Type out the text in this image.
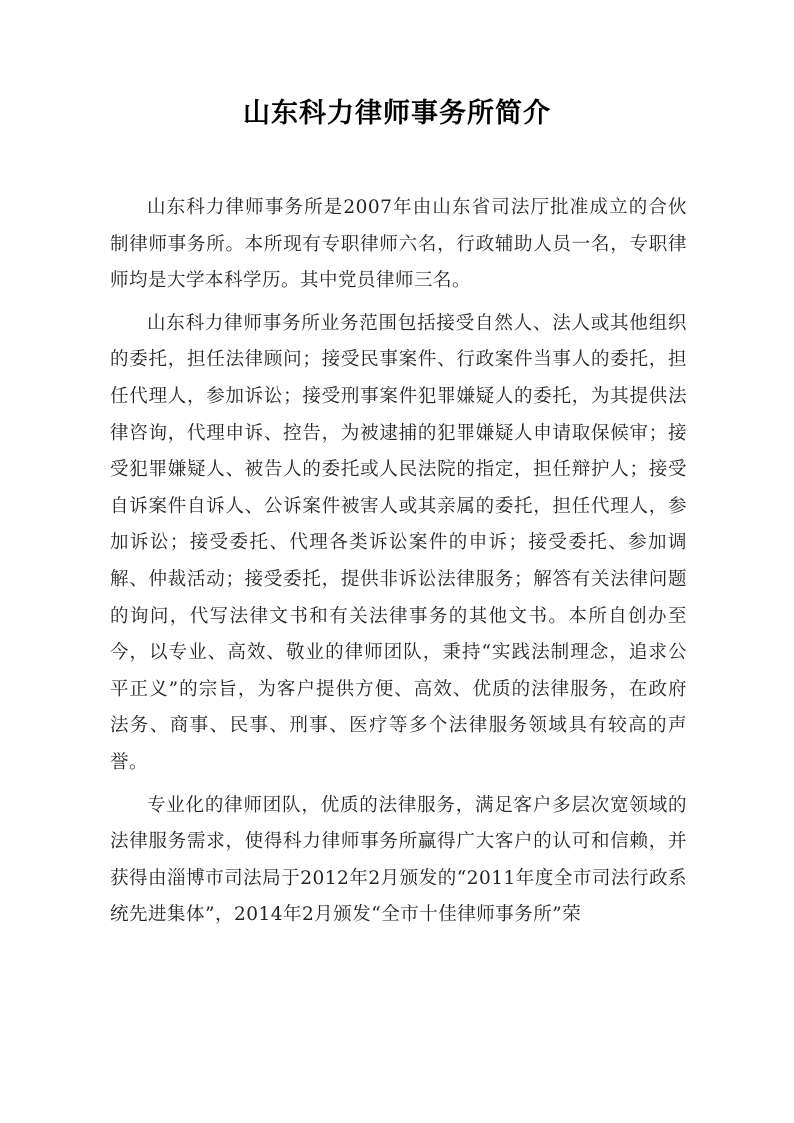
山东科力律师事务所简介

山东科力律师事务所是2007年由山东省司法厅批准成立的合伙制律师事务所。本所现有专职律师六名，行政辅助人员一名，专职律师均是大学本科学历。其中党员律师三名。

山东科力律师事务所业务范围包括接受自然人、法人或其他组织的委托，担任法律顾问；接受民事案件、行政案件当事人的委托，担任代理人，参加诉讼；接受刑事案件犯罪嫌疑人的委托，为其提供法律咨询，代理申诉、控告，为被逮捕的犯罪嫌疑人申请取保候审；接受犯罪嫌疑人、被告人的委托或人民法院的指定，担任辩护人；接受自诉案件自诉人、公诉案件被害人或其亲属的委托，担任代理人，参加诉讼；接受委托、代理各类诉讼案件的申诉；接受委托、参加调解、仲裁活动；接受委托，提供非诉讼法律服务；解答有关法律问题的询问，代写法律文书和有关法律事务的其他文书。本所自创办至今，以专业、高效、敬业的律师团队，秉持“实践法制理念，追求公平正义”的宗旨，为客户提供方便、高效、优质的法律服务，在政府法务、商事、民事、刑事、医疗等多个法律服务领域具有较高的声誉。

专业化的律师团队，优质的法律服务，满足客户多层次宽领域的法律服务需求，使得科力律师事务所赢得广大客户的认可和信赖，并获得由淄博市司法局于2012年2月颁发的“2011年度全市司法行政系统先进集体”，2014年2月颁发“全市十佳律师事务所”荣
